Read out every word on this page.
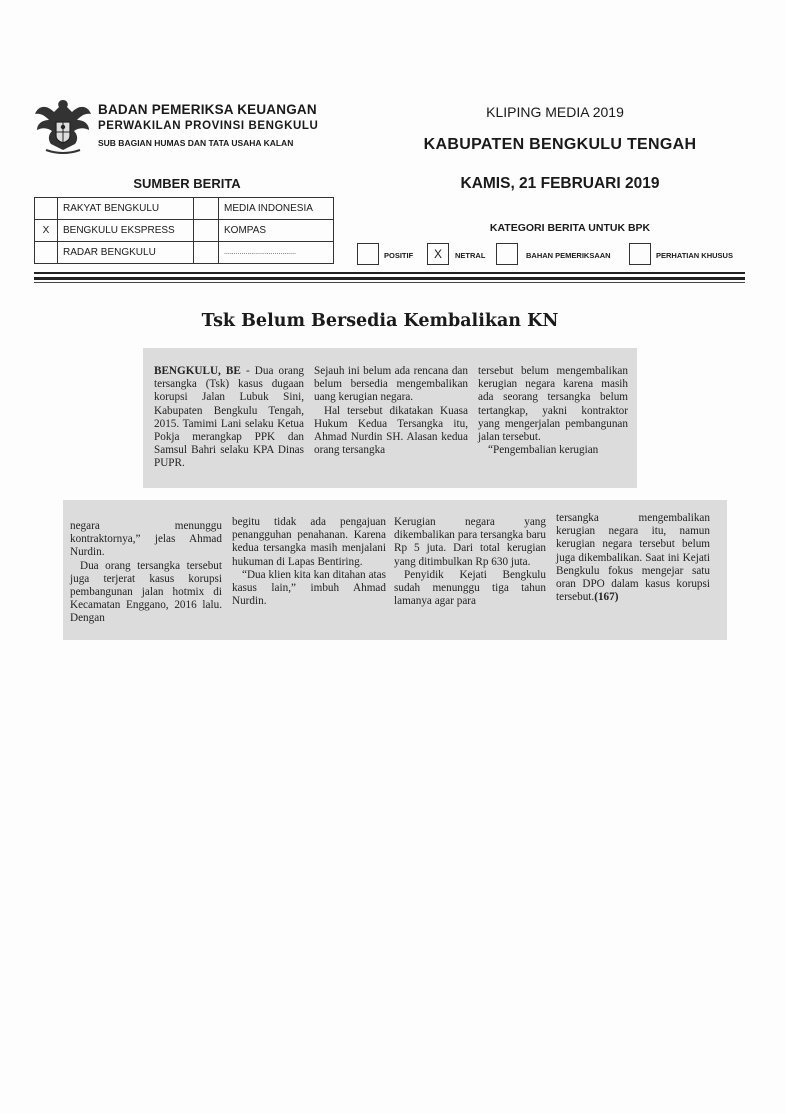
BADAN PEMERIKSA KEUANGAN
PERWAKILAN PROVINSI BENGKULU
SUB BAGIAN HUMAS DAN TATA USAHA KALAN
KLIPING MEDIA 2019
KABUPATEN BENGKULU TENGAH
KAMIS, 21 FEBRUARI 2019
SUMBER BERITA
	RAKYAT BENGKULU		MEDIA INDONESIA
X	BENGKULU EKSPRESS		KOMPAS
	RADAR BENGKULU		.....................................
KATEGORI BERITA UNTUK BPK
POSITIF	X	NETRAL	BAHAN PEMERIKSAAN	PERHATIAN KHUSUS
Tsk Belum Bersedia Kembalikan KN

BENGKULU, BE - Dua orang tersangka (Tsk) kasus dugaan korupsi Jalan Lubuk Sini, Kabupaten Bengkulu Tengah, 2015. Tamimi Lani selaku Ketua Pokja merangkap PPK dan Samsul Bahri selaku KPA Dinas PUPR.

Sejauh ini belum ada rencana dan belum bersedia mengembalikan uang kerugian negara.

Hal tersebut dikatakan Kuasa Hukum Kedua Tersangka itu, Ahmad Nurdin SH. Alasan kedua orang tersangka

tersebut belum mengembalikan kerugian negara karena masih ada seorang tersangka belum tertangkap, yakni kontraktor yang mengerjalan pembangunan jalan tersebut.

“Pengembalian kerugian

negara menunggu kontraktornya,” jelas Ahmad Nurdin.

Dua orang tersangka tersebut juga terjerat kasus korupsi pembangunan jalan hotmix di Kecamatan Enggano, 2016 lalu. Dengan

begitu tidak ada pengajuan penangguhan penahanan. Karena kedua tersangka masih menjalani hukuman di Lapas Bentiring.

“Dua klien kita kan ditahan atas kasus lain,” imbuh Ahmad Nurdin.

Kerugian negara yang dikembalikan para tersangka baru Rp 5 juta. Dari total kerugian yang ditimbulkan Rp 630 juta.

Penyidik Kejati Bengkulu sudah menunggu tiga tahun lamanya agar para

tersangka mengembalikan kerugian negara itu, namun kerugian negara tersebut belum juga dikembalikan. Saat ini Kejati Bengkulu fokus mengejar satu oran DPO dalam kasus korupsi tersebut.(167)
